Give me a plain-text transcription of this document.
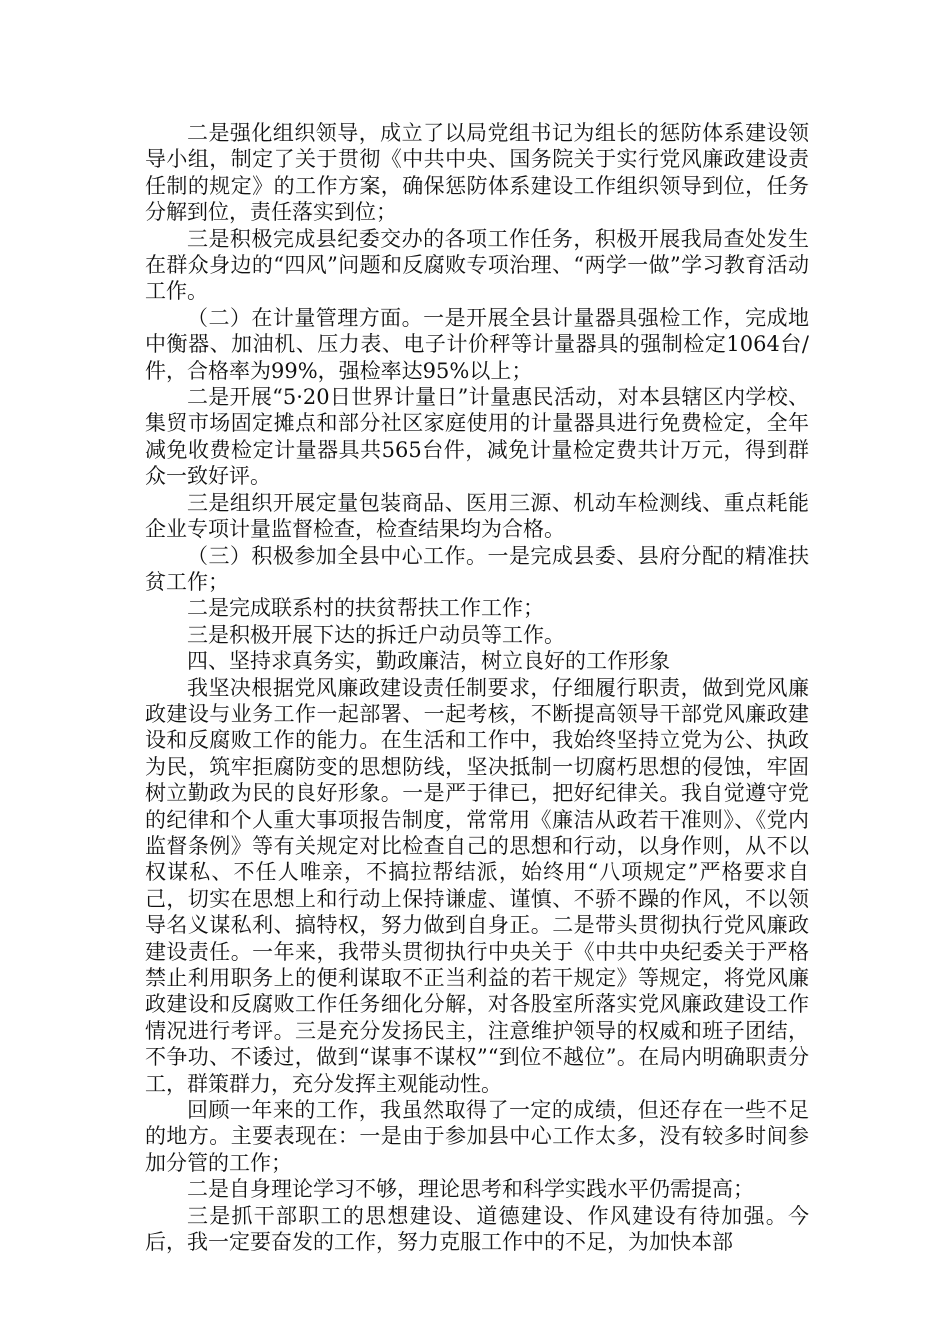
二是强化组织领导，成立了以局党组书记为组长的惩防体系建设领导小组，制定了关于贯彻《中共中央、国务院关于实行党风廉政建设责任制的规定》的工作方案，确保惩防体系建设工作组织领导到位，任务分解到位，责任落实到位；

三是积极完成县纪委交办的各项工作任务，积极开展我局查处发生在群众身边的“四风”问题和反腐败专项治理、“两学一做”学习教育活动工作。

（二）在计量管理方面。一是开展全县计量器具强检工作，完成地中衡器、加油机、压力表、电子计价秤等计量器具的强制检定1064台/件，合格率为99%，强检率达95%以上；

二是开展“5·20日世界计量日”计量惠民活动，对本县辖区内学校、集贸市场固定摊点和部分社区家庭使用的计量器具进行免费检定，全年减免收费检定计量器具共565台件，减免计量检定费共计万元，得到群众一致好评。

三是组织开展定量包装商品、医用三源、机动车检测线、重点耗能企业专项计量监督检查，检查结果均为合格。

（三）积极参加全县中心工作。一是完成县委、县府分配的精准扶贫工作；

二是完成联系村的扶贫帮扶工作工作；

三是积极开展下达的拆迁户动员等工作。

四、坚持求真务实，勤政廉洁，树立良好的工作形象

我坚决根据党风廉政建设责任制要求，仔细履行职责，做到党风廉政建设与业务工作一起部署、一起考核，不断提高领导干部党风廉政建设和反腐败工作的能力。在生活和工作中，我始终坚持立党为公、执政为民，筑牢拒腐防变的思想防线，坚决抵制一切腐朽思想的侵蚀，牢固树立勤政为民的良好形象。一是严于律已，把好纪律关。我自觉遵守党的纪律和个人重大事项报告制度，常常用《廉洁从政若干准则》、《党内监督条例》等有关规定对比检查自己的思想和行动，以身作则，从不以权谋私、不任人唯亲，不搞拉帮结派，始终用“八项规定”严格要求自己，切实在思想上和行动上保持谦虚、谨慎、不骄不躁的作风，不以领导名义谋私利、搞特权，努力做到自身正。二是带头贯彻执行党风廉政建设责任。一年来，我带头贯彻执行中央关于《中共中央纪委关于严格禁止利用职务上的便利谋取不正当利益的若干规定》等规定，将党风廉政建设和反腐败工作任务细化分解，对各股室所落实党风廉政建设工作情况进行考评。三是充分发扬民主，注意维护领导的权威和班子团结，不争功、不诿过，做到“谋事不谋权”“到位不越位”。在局内明确职责分工，群策群力，充分发挥主观能动性。

回顾一年来的工作，我虽然取得了一定的成绩，但还存在一些不足的地方。主要表现在：一是由于参加县中心工作太多，没有较多时间参加分管的工作；

二是自身理论学习不够，理论思考和科学实践水平仍需提高；

三是抓干部职工的思想建设、道德建设、作风建设有待加强。今后，我一定要奋发的工作，努力克服工作中的不足，为加快本部
